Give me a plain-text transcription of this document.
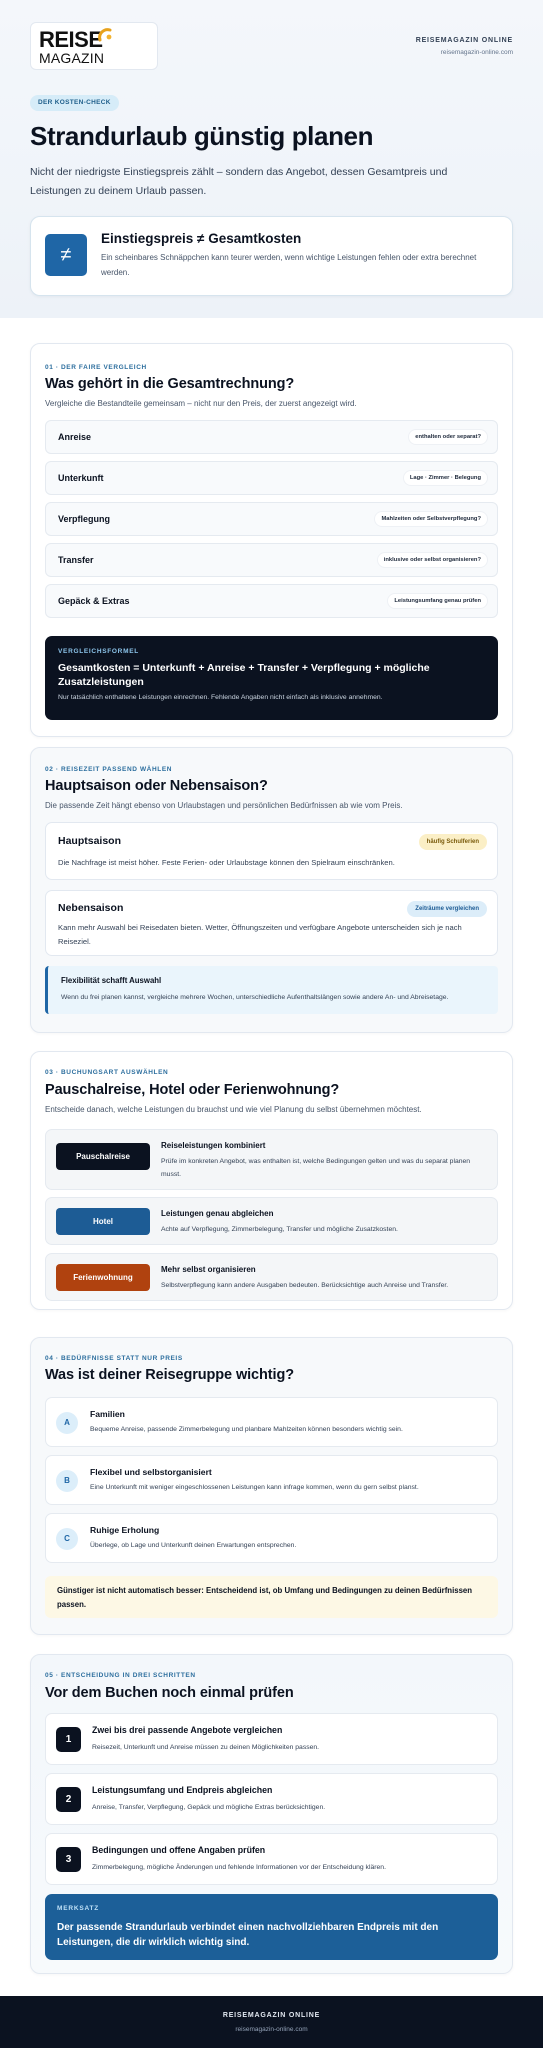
REISE
MAGAZIN
REISEMAGAZIN ONLINE
reisemagazin-online.com
DER KOSTEN-CHECK
Strandurlaub günstig planen
Nicht der niedrigste Einstiegspreis zählt – sondern das Angebot, dessen Gesamtpreis und Leistungen zu deinem Urlaub passen.
≠
Einstiegspreis ≠ Gesamtkosten
Ein scheinbares Schnäppchen kann teurer werden, wenn wichtige Leistungen fehlen oder extra berechnet werden.
01 · DER FAIRE VERGLEICH
Was gehört in die Gesamtrechnung?
Vergleiche die Bestandteile gemeinsam – nicht nur den Preis, der zuerst angezeigt wird.
Anreise	enthalten oder separat?
Unterkunft	Lage · Zimmer · Belegung
Verpflegung	Mahlzeiten oder Selbstverpflegung?
Transfer	inklusive oder selbst organisieren?
Gepäck & Extras	Leistungsumfang genau prüfen
VERGLEICHSFORMEL
Gesamtkosten = Unterkunft + Anreise + Transfer + Verpflegung + mögliche Zusatzleistungen
Nur tatsächlich enthaltene Leistungen einrechnen. Fehlende Angaben nicht einfach als inklusive annehmen.
02 · REISEZEIT PASSEND WÄHLEN
Hauptsaison oder Nebensaison?
Die passende Zeit hängt ebenso von Urlaubstagen und persönlichen Bedürfnissen ab wie vom Preis.
Hauptsaison	häufig Schulferien
Die Nachfrage ist meist höher. Feste Ferien- oder Urlaubstage können den Spielraum einschränken.
Nebensaison	Zeiträume vergleichen
Kann mehr Auswahl bei Reisedaten bieten. Wetter, Öffnungszeiten und verfügbare Angebote unterscheiden sich je nach Reiseziel.
Flexibilität schafft Auswahl
Wenn du frei planen kannst, vergleiche mehrere Wochen, unterschiedliche Aufenthaltslängen sowie andere An- und Abreisetage.
03 · BUCHUNGSART AUSWÄHLEN
Pauschalreise, Hotel oder Ferienwohnung?
Entscheide danach, welche Leistungen du brauchst und wie viel Planung du selbst übernehmen möchtest.
Pauschalreise
Reiseleistungen kombiniert
Prüfe im konkreten Angebot, was enthalten ist, welche Bedingungen gelten und was du separat planen musst.
Hotel
Leistungen genau abgleichen
Achte auf Verpflegung, Zimmerbelegung, Transfer und mögliche Zusatzkosten.
Ferienwohnung
Mehr selbst organisieren
Selbstverpflegung kann andere Ausgaben bedeuten. Berücksichtige auch Anreise und Transfer.
04 · BEDÜRFNISSE STATT NUR PREIS
Was ist deiner Reisegruppe wichtig?
A
Familien
Bequeme Anreise, passende Zimmerbelegung und planbare Mahlzeiten können besonders wichtig sein.
B
Flexibel und selbstorganisiert
Eine Unterkunft mit weniger eingeschlossenen Leistungen kann infrage kommen, wenn du gern selbst planst.
C
Ruhige Erholung
Überlege, ob Lage und Unterkunft deinen Erwartungen entsprechen.
Günstiger ist nicht automatisch besser: Entscheidend ist, ob Umfang und Bedingungen zu deinen Bedürfnissen passen.
05 · ENTSCHEIDUNG IN DREI SCHRITTEN
Vor dem Buchen noch einmal prüfen
1
Zwei bis drei passende Angebote vergleichen
Reisezeit, Unterkunft und Anreise müssen zu deinen Möglichkeiten passen.
2
Leistungsumfang und Endpreis abgleichen
Anreise, Transfer, Verpflegung, Gepäck und mögliche Extras berücksichtigen.
3
Bedingungen und offene Angaben prüfen
Zimmerbelegung, mögliche Änderungen und fehlende Informationen vor der Entscheidung klären.
MERKSATZ
Der passende Strandurlaub verbindet einen nachvollziehbaren Endpreis mit den Leistungen, die dir wirklich wichtig sind.
REISEMAGAZIN ONLINE
reisemagazin-online.com
